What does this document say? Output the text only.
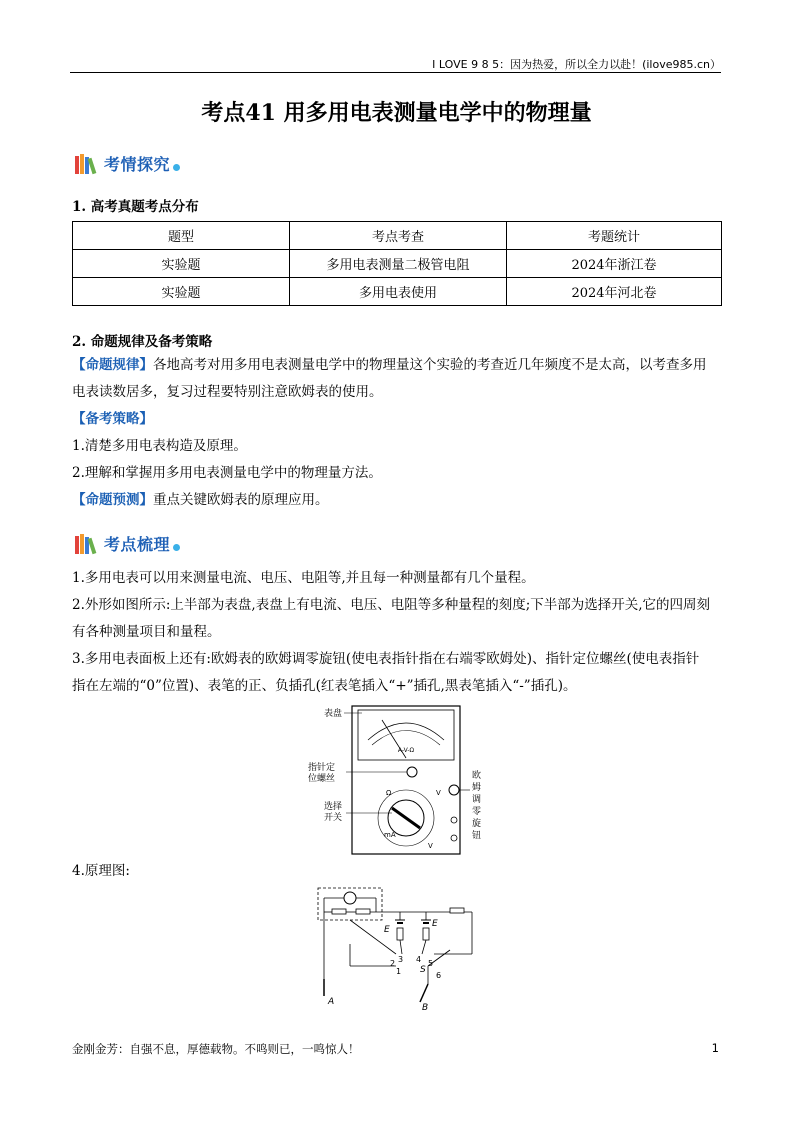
I LOVE 9 8 5：因为热爱，所以全力以赴！(ilove985.cn）
考点41 用多用电表测量电学中的物理量
考情探究
1. 高考真题考点分布
题型	考点考查	考题统计
实验题	多用电表测量二极管电阻	2024年浙江卷
实验题	多用电表使用	2024年河北卷
2. 命题规律及备考策略
【命题规律】各地高考对用多用电表测量电学中的物理量这个实验的考查近几年频度不是太高，以考查多用
电表读数居多，复习过程要特别注意欧姆表的使用。
【备考策略】
1.清楚多用电表构造及原理。
2.理解和掌握用多用电表测量电学中的物理量方法。
【命题预测】重点关键欧姆表的原理应用。
考点梳理
1.多用电表可以用来测量电流、电压、电阻等,并且每一种测量都有几个量程。
2.外形如图所示:上半部为表盘,表盘上有电流、电压、电阻等多种量程的刻度;下半部为选择开关,它的四周刻
有各种测量项目和量程。
3.多用电表面板上还有:欧姆表的欧姆调零旋钮(使电表指针指在右端零欧姆处)、指针定位螺丝(使电表指针
指在左端的“0”位置)、表笔的正、负插孔(红表笔插入“+”插孔,黑表笔插入“-”插孔)。
A-V-Ω
mA
Ω	V
V
表盘
指针定
位螺丝
选择
开关
欧
姆
调
零
旋
钮
4.原理图:
E
E
2 3 4 5
1	6
S
A
B
金刚金芳：自强不息，厚德载物。不鸣则已，一鸣惊人！	1
